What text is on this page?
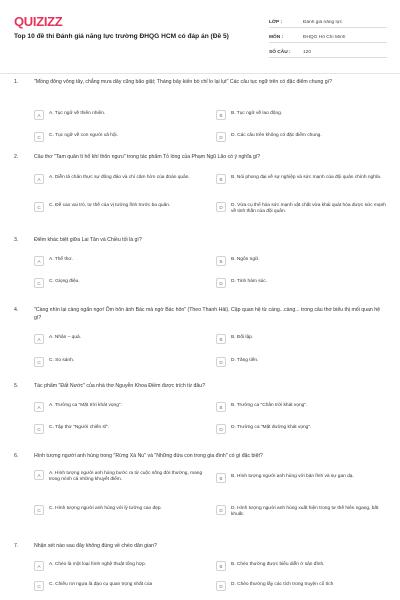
QUIZIZZ
Top 10 đề thi Đánh giá năng lực trường ĐHQG HCM có đáp án (Đề 5)
LỚP :	Đánh giá năng lực
MÔN :	ĐHQG Hồ Chí Minh
SỐ CÂU :	120
1.	"Mồng đông vông tây, chẳng mưa dây cũng bão giật; Tháng bảy kiến bò chỉ lo lại lụt" Các câu tục ngữ trên có đặc điểm chung gì?
A	A. Tục ngữ về thiên nhiên.	B	B. Tục ngữ về lao động.
C	C. Tục ngữ về con người xã hội.	D	D. Các câu trên không có đặc điểm chung.
2.	Câu thơ "Tam quân tì hổ khí thôn ngưu" trong tác phẩm Tỏ lòng của Phạm Ngũ Lão có ý nghĩa gì?
A	A. Diễn tả chân thực sự đông đảo và chí căm hờn của đoàn quân.	B	B. Nói phong đại về sự nghiệp và sức mạnh của đội quân chính nghĩa.
C	C. Đề cao vai trò, tư thế của vị tướng lĩnh trước ba quân.	D	D. Vừa cụ thể hóa sức mạnh vật chất vừa khái quát hóa được sức mạnh về tinh thần của đội quân.
3.	Điểm khác biệt giữa Lai Tân và Chiều tối là gì?
A	A. Thể thơ.	B	B. Ngôn ngữ.
C	C. Giọng điệu.	D	D. Tinh hàm súc.
4.	"Càng nhìn lại càng ngẩn ngơ/ Ôm hôn ảnh Bác mà ngờ Bác hôn" (Theo Thanh Hải). Cặp quan hệ từ càng...càng... trong câu thơ biểu thị mối quan hệ gì?
A	A. Nhân – quả.	B	B. Đối lập.
C	C. So sánh.	D	D. Tăng tiến.
5.	Tác phẩm "Đất Nước" của nhà thơ Nguyễn Khoa Điềm được trích từ đâu?
A	A. Trường ca "Mặt trời khát vọng".	B	B. Trường ca "Chân trời khát vọng".
C	C. Tập thơ "Người chiến sĩ".	D	D. Trường ca "Mặt đường khát vọng".
6.	Hình tượng người anh hùng trong "Rừng Xà Nu" và "Những đứa con trong gia đình" có gì đặc biệt?
A	A. Hình tượng người anh hùng bước ra từ cuộc sống đời thường, mang trong mình cả những khuyết điểm.	B	B. Hình tượng người anh hùng với bản lĩnh và sự gan dạ.
C	C. Hình tượng người anh hùng với lý tưởng cao đẹp.	D	D. Hình tượng người anh hùng xuất hiện trong tư thế hiên ngang, bất khuất.
7.	Nhận xét nào sau đây không đúng về chèo dân gian?
A	A. Chèo là một loại hình nghệ thuật tổng hợp.	B	B. Chèo thường được biểu diễn ở sân đình.
C	C. Chiếu rơi ngựa là đạo cụ quan trọng nhất của	D	D. Chèo thường lấy các tích trong truyện cổ tích
